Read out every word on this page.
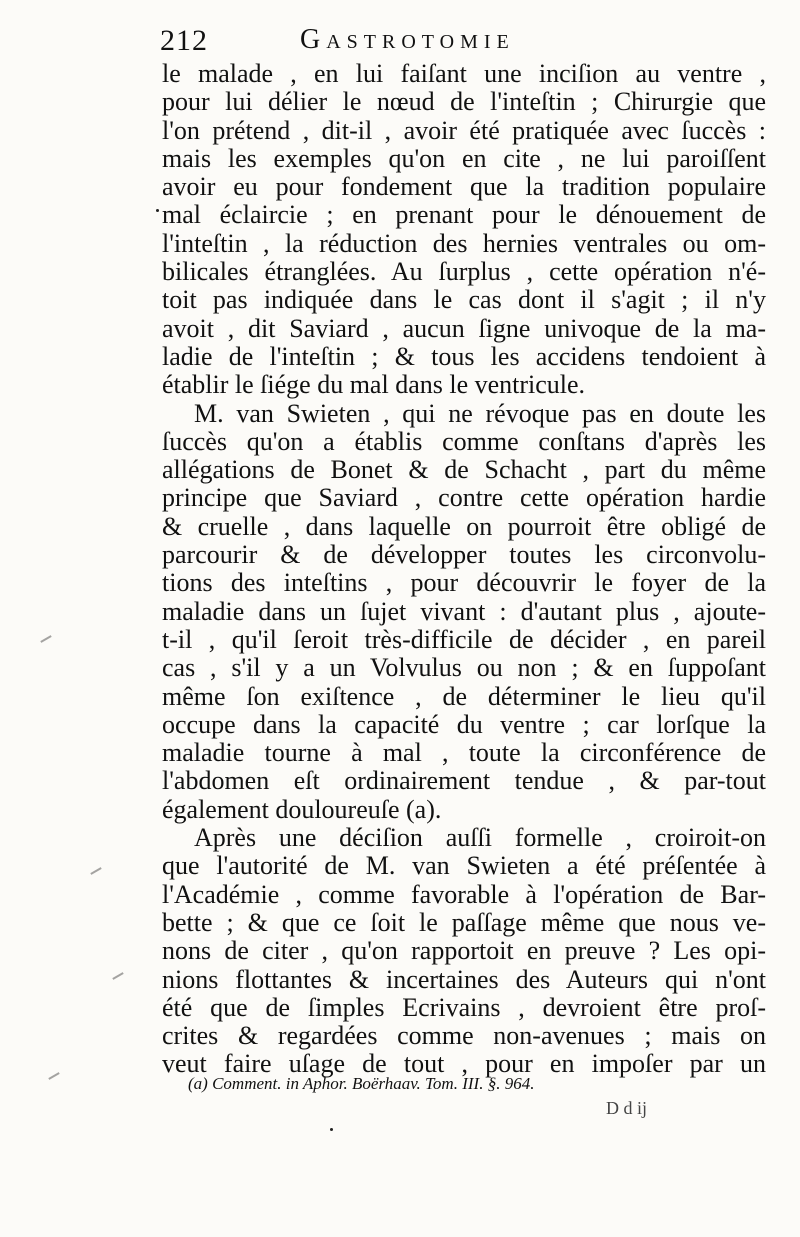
212	Gastrotomie
le malade , en lui faiſant une inciſion au ventre ,
pour lui délier le nœud de l'inteſtin ; Chirurgie que
l'on prétend , dit-il , avoir été pratiquée avec ſuccès :
mais les exemples qu'on en cite , ne lui paroiſſent
avoir eu pour fondement que la tradition populaire
mal éclaircie ; en prenant pour le dénouement de
l'inteſtin , la réduction des hernies ventrales ou om-
bilicales étranglées. Au ſurplus , cette opération n'é-
toit pas indiquée dans le cas dont il s'agit ; il n'y
avoit , dit Saviard , aucun ſigne univoque de la ma-
ladie de l'inteſtin ; & tous les accidens tendoient à
établir le ſiége du mal dans le ventricule.
M. van Swieten , qui ne révoque pas en doute les
ſuccès qu'on a établis comme conſtans d'après les
allégations de Bonet & de Schacht , part du même
principe que Saviard , contre cette opération hardie
& cruelle , dans laquelle on pourroit être obligé de
parcourir & de développer toutes les circonvolu-
tions des inteſtins , pour découvrir le foyer de la
maladie dans un ſujet vivant : d'autant plus , ajoute-
t-il , qu'il ſeroit très-difficile de décider , en pareil
cas , s'il y a un Volvulus ou non ; & en ſuppoſant
même ſon exiſtence , de déterminer le lieu qu'il
occupe dans la capacité du ventre ; car lorſque la
maladie tourne à mal , toute la circonférence de
l'abdomen eſt ordinairement tendue , & par-tout
également douloureuſe (a).
Après une déciſion auſſi formelle , croiroit-on
que l'autorité de M. van Swieten a été préſentée à
l'Académie , comme favorable à l'opération de Bar-
bette ; & que ce ſoit le paſſage même que nous ve-
nons de citer , qu'on rapportoit en preuve ? Les opi-
nions flottantes & incertaines des Auteurs qui n'ont
été que de ſimples Ecrivains , devroient être proſ-
crites & regardées comme non-avenues ; mais on
veut faire uſage de tout , pour en impoſer par un
(a) Comment. in Aphor. Boërhaav. Tom. III. §. 964.
D d ij
